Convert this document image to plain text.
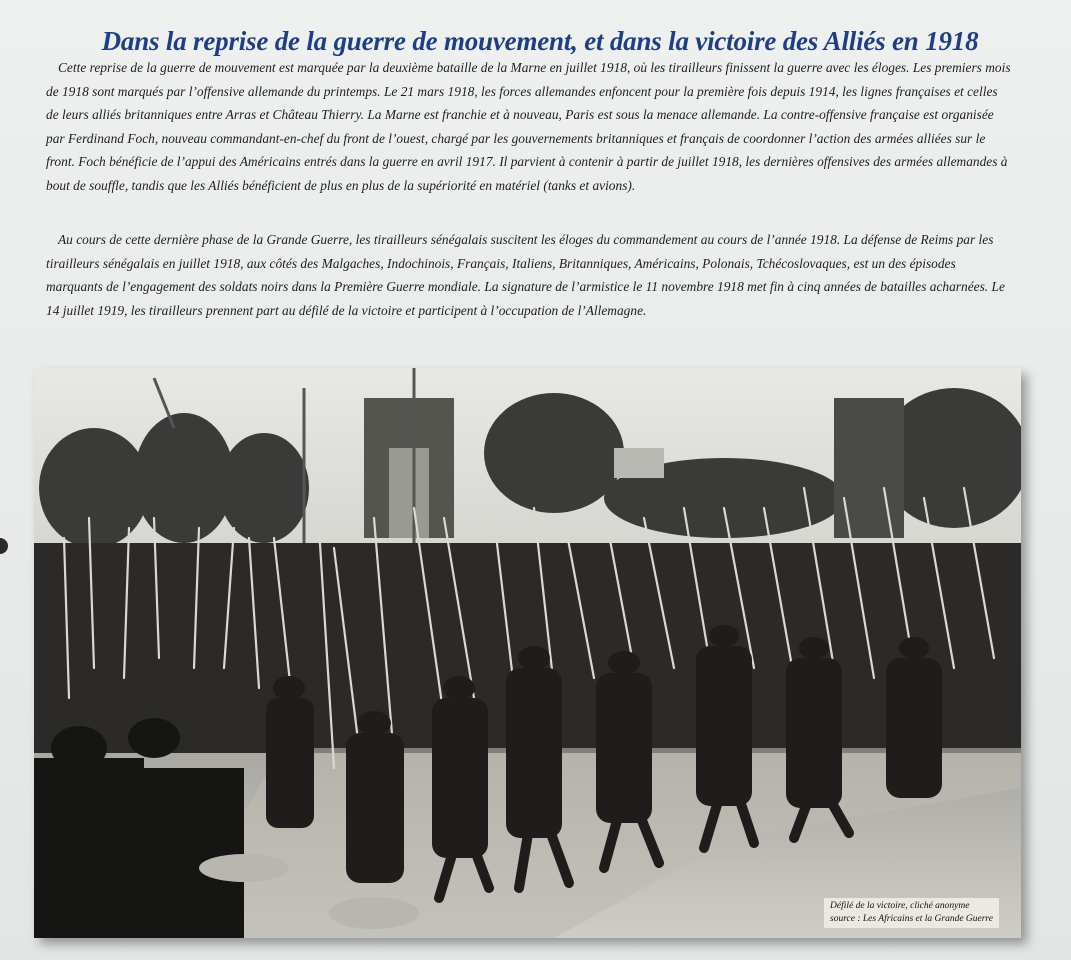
Dans la reprise de la guerre de mouvement, et dans la victoire des Alliés en 1918

Cette reprise de la guerre de mouvement est marquée par la deuxième bataille de la Marne en juillet 1918, où les tirailleurs finissent la guerre avec les éloges. Les premiers mois de 1918 sont marqués par l’offensive allemande du printemps. Le 21 mars 1918, les forces allemandes enfoncent pour la première fois depuis 1914, les lignes françaises et celles de leurs alliés britanniques entre Arras et Château Thierry. La Marne est franchie et à nouveau, Paris est sous la menace allemande. La contre-offensive française est organisée par Ferdinand Foch, nouveau commandant-en-chef du front de l’ouest, chargé par les gouvernements britanniques et français de coordonner l’action des armées alliées sur le front. Foch bénéficie de l’appui des Américains entrés dans la guerre en avril 1917. Il parvient à contenir à partir de juillet 1918, les dernières offensives des armées allemandes à bout de souffle, tandis que les Alliés bénéficient de plus en plus de la supériorité en matériel (tanks et avions).

Au cours de cette dernière phase de la Grande Guerre, les tirailleurs sénégalais suscitent les éloges du commandement au cours de l’année 1918. La défense de Reims par les tirailleurs sénégalais en juillet 1918, aux côtés des Malgaches, Indochinois, Français, Italiens, Britanniques, Américains, Polonais, Tchécoslovaques, est un des épisodes marquants de l’engagement des soldats noirs dans la Première Guerre mondiale. La signature de l’armistice le 11 novembre 1918 met fin à cinq années de batailles acharnées. Le 14 juillet 1919, les tirailleurs prennent part au défilé de la victoire et participent à l’occupation de l’Allemagne.

Défilé de la victoire, cliché anonyme
source : Les Africains et la Grande Guerre
